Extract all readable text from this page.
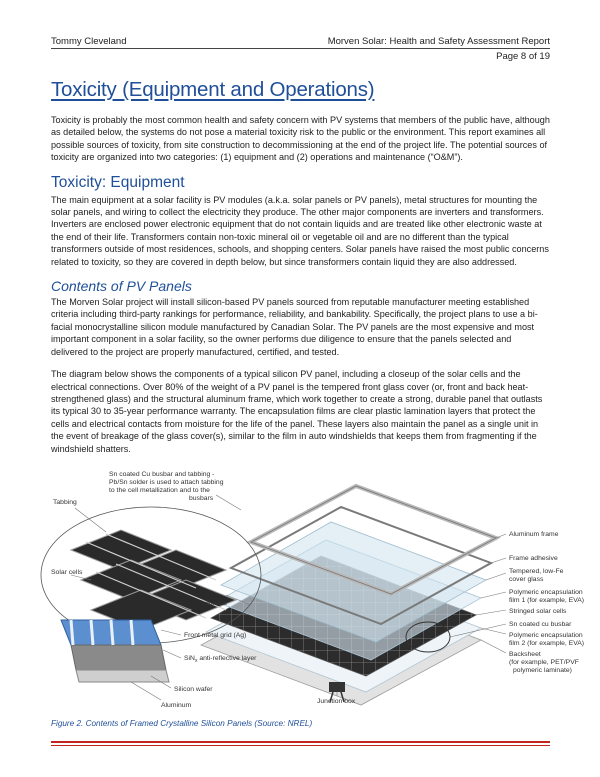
Tommy Cleveland	Morven Solar: Health and Safety Assessment Report
Page 8 of 19
Toxicity (Equipment and Operations)

Toxicity is probably the most common health and safety concern with PV systems that members of the public have, although as detailed below, the systems do not pose a material toxicity risk to the public or the environment. This report examines all possible sources of toxicity, from site construction to decommissioning at the end of the project life. The potential sources of toxicity are organized into two categories: (1) equipment and (2) operations and maintenance (“O&M”).

Toxicity: Equipment

The main equipment at a solar facility is PV modules (a.k.a. solar panels or PV panels), metal structures for mounting the solar panels, and wiring to collect the electricity they produce. The other major components are inverters and transformers. Inverters are enclosed power electronic equipment that do not contain liquids and are treated like other electronic waste at the end of their life. Transformers contain non-toxic mineral oil or vegetable oil and are no different than the typical transformers outside of most residences, schools, and shopping centers. Solar panels have raised the most public concerns related to toxicity, so they are covered in depth below, but since transformers contain liquid they are also addressed.

Contents of PV Panels

The Morven Solar project will install silicon-based PV panels sourced from reputable manufacturer meeting established criteria including third-party rankings for performance, reliability, and bankability. Specifically, the project plans to use a bi-facial monocrystalline silicon module manufactured by Canadian Solar. The PV panels are the most expensive and most important component in a solar facility, so the owner performs due diligence to ensure that the panels selected and delivered to the project are properly manufactured, certified, and tested.

The diagram below shows the components of a typical silicon PV panel, including a closeup of the solar cells and the electrical connections. Over 80% of the weight of a PV panel is the tempered front glass cover (or, front and back heat-strengthened glass) and the structural aluminum frame, which work together to create a strong, durable panel that outlasts its typical 30 to 35-year performance warranty. The encapsulation films are clear plastic lamination layers that protect the cells and electrical contacts from moisture for the life of the panel. These layers also maintain the panel as a single unit in the event of breakage of the glass cover(s), similar to the film in auto windshields that keeps them from fragmenting if the windshield shatters.

Sn coated Cu busbar and tabbing -
Pb/Sn solder is used to attach tabbing
to the cell metallization and to the
busbars
Tabbing
Solar cells
Busbar
Front metal grid (Ag)
SiN$_x$ anti-reflective layer
Silicon wafer
Aluminum
Aluminum frame
Frame adhesive
Tempered, low-Fe
cover glass
Polymeric encapsulation
film 1 (for example, EVA)
Stringed solar cells
Sn coated cu busbar
Polymeric encapsulation
film 2 (for example, EVA)
Backsheet
(for example, PET/PVF
polymeric laminate)
Junction box
Figure 2. Contents of Framed Crystalline Silicon Panels (Source: NREL)
